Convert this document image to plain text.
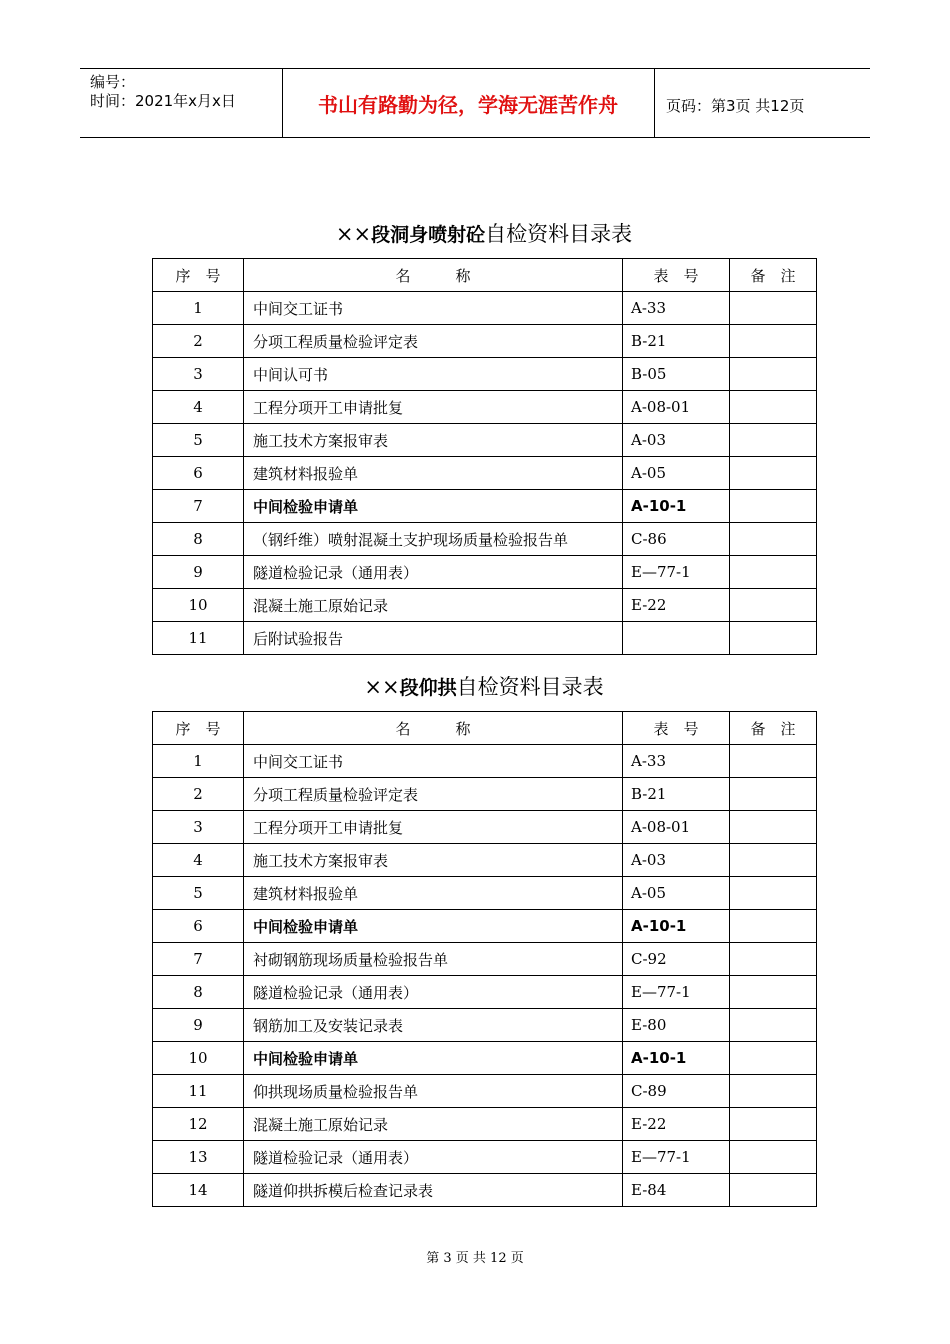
编号：
时间：2021年x月x日	书山有路勤为径，学海无涯苦作舟	页码：第3页 共12页
××段洞身喷射砼自检资料目录表
序　号	名　　　称	表　号	备　注
1	中间交工证书	A-33	
2	分项工程质量检验评定表	B-21	
3	中间认可书	B-05	
4	工程分项开工申请批复	A-08-01	
5	施工技术方案报审表	A-03	
6	建筑材料报验单	A-05	
7	中间检验申请单	A-10-1	
8	（钢纤维）喷射混凝土支护现场质量检验报告单	C-86	
9	隧道检验记录（通用表）	E—77-1	
10	混凝土施工原始记录	E-22	
11	后附试验报告		
××段仰拱自检资料目录表
序　号	名　　　称	表　号	备　注
1	中间交工证书	A-33	
2	分项工程质量检验评定表	B-21	
3	工程分项开工申请批复	A-08-01	
4	施工技术方案报审表	A-03	
5	建筑材料报验单	A-05	
6	中间检验申请单	A-10-1	
7	衬砌钢筋现场质量检验报告单	C-92	
8	隧道检验记录（通用表）	E—77-1	
9	钢筋加工及安装记录表	E-80	
10	中间检验申请单	A-10-1	
11	仰拱现场质量检验报告单	C-89	
12	混凝土施工原始记录	E-22	
13	隧道检验记录（通用表）	E—77-1	
14	隧道仰拱拆模后检查记录表	E-84	
第 3 页 共 12 页
